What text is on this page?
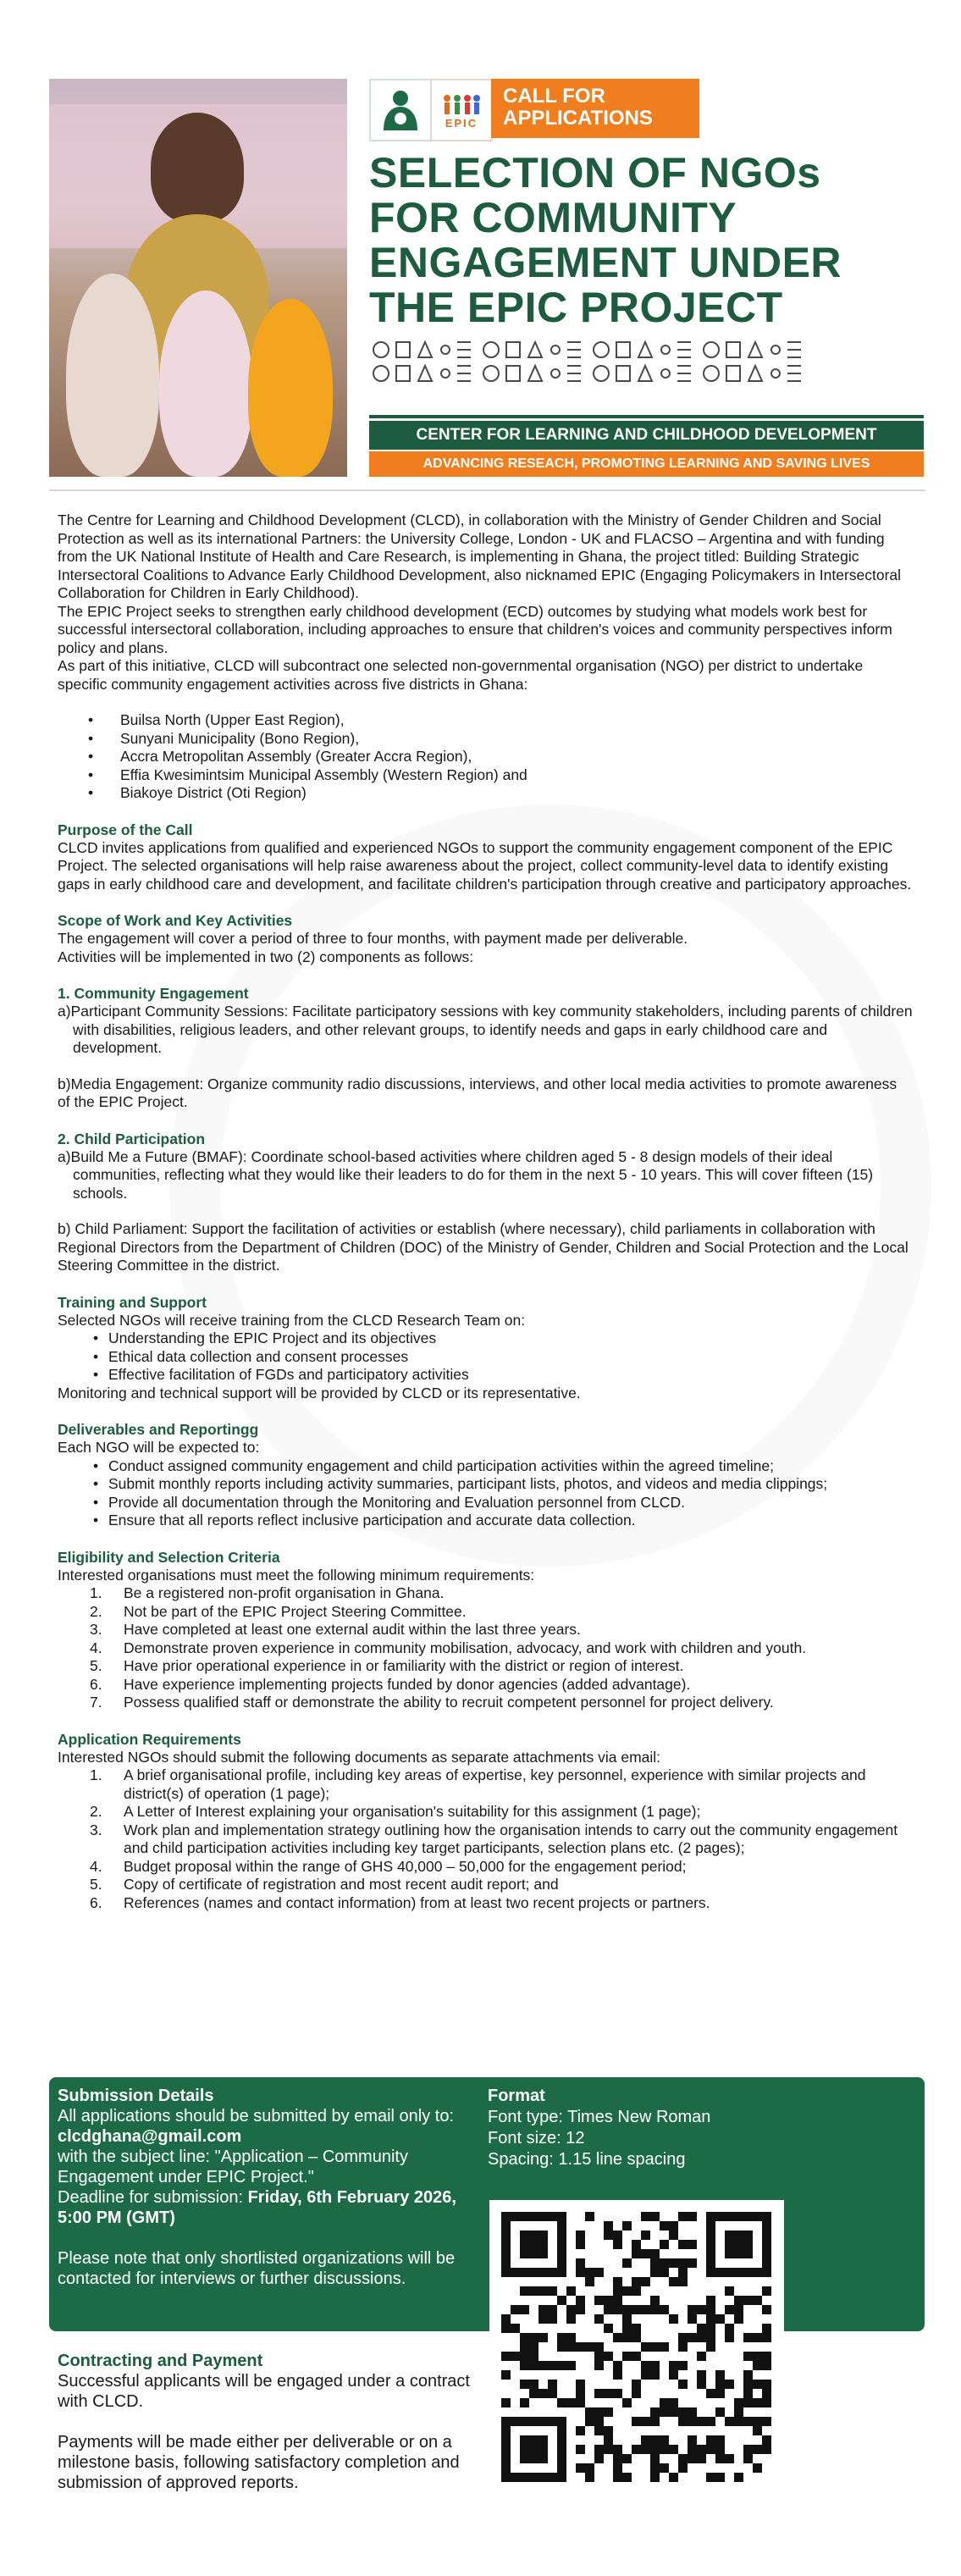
EPIC
CALL FOR
APPLICATIONS
SELECTION OF NGOs
FOR COMMUNITY
ENGAGEMENT UNDER
THE EPIC PROJECT
CENTER FOR LEARNING AND CHILDHOOD DEVELOPMENT
ADVANCING RESEACH, PROMOTING LEARNING AND SAVING LIVES

The Centre for Learning and Childhood Development (CLCD), in collaboration with the Ministry of Gender Children and Social Protection as well as its international Partners: the University College, London - UK and FLACSO – Argentina and with funding from the UK National Institute of Health and Care Research, is implementing in Ghana, the project titled: Building Strategic Intersectoral Coalitions to Advance Early Childhood Development, also nicknamed EPIC (Engaging Policymakers in Intersectoral Collaboration for Children in Early Childhood).

The EPIC Project seeks to strengthen early childhood development (ECD) outcomes by studying what models work best for successful intersectoral collaboration, including approaches to ensure that children's voices and community perspectives inform policy and plans.

As part of this initiative, CLCD will subcontract one selected non-governmental organisation (NGO) per district to undertake specific community engagement activities across five districts in Ghana:

• Builsa North (Upper East Region),
• Sunyani Municipality (Bono Region),
• Accra Metropolitan Assembly (Greater Accra Region),
• Effia Kwesimintsim Municipal Assembly (Western Region) and
• Biakoye District (Oti Region)
Purpose of the Call

CLCD invites applications from qualified and experienced NGOs to support the community engagement component of the EPIC Project. The selected organisations will help raise awareness about the project, collect community-level data to identify existing gaps in early childhood care and development, and facilitate children's participation through creative and participatory approaches.

Scope of Work and Key Activities

The engagement will cover a period of three to four months, with payment made per deliverable.

Activities will be implemented in two (2) components as follows:

1. Community Engagement

a)Participant Community Sessions: Facilitate participatory sessions with key community stakeholders, including parents of children with disabilities, religious leaders, and other relevant groups, to identify needs and gaps in early childhood care and development.

b)Media Engagement: Organize community radio discussions, interviews, and other local media activities to promote awareness of the EPIC Project.

2. Child Participation

a)Build Me a Future (BMAF): Coordinate school-based activities where children aged 5 - 8 design models of their ideal communities, reflecting what they would like their leaders to do for them in the next 5 - 10 years. This will cover fifteen (15) schools.

b) Child Parliament: Support the facilitation of activities or establish (where necessary), child parliaments in collaboration with Regional Directors from the Department of Children (DOC) of the Ministry of Gender, Children and Social Protection and the Local Steering Committee in the district.

Training and Support

Selected NGOs will receive training from the CLCD Research Team on:

• Understanding the EPIC Project and its objectives
• Ethical data collection and consent processes
• Effective facilitation of FGDs and participatory activities

Monitoring and technical support will be provided by CLCD or its representative.

Deliverables and Reportingg

Each NGO will be expected to:

• Conduct assigned community engagement and child participation activities within the agreed timeline;
• Submit monthly reports including activity summaries, participant lists, photos, and videos and media clippings;
• Provide all documentation through the Monitoring and Evaluation personnel from CLCD.
• Ensure that all reports reflect inclusive participation and accurate data collection.
Eligibility and Selection Criteria

Interested organisations must meet the following minimum requirements:

1. Be a registered non-profit organisation in Ghana.
2. Not be part of the EPIC Project Steering Committee.
3. Have completed at least one external audit within the last three years.
4. Demonstrate proven experience in community mobilisation, advocacy, and work with children and youth.
5. Have prior operational experience in or familiarity with the district or region of interest.
6. Have experience implementing projects funded by donor agencies (added advantage).
7. Possess qualified staff or demonstrate the ability to recruit competent personnel for project delivery.
Application Requirements

Interested NGOs should submit the following documents as separate attachments via email:

1. A brief organisational profile, including key areas of expertise, key personnel, experience with similar projects and district(s) of operation (1 page);
2. A Letter of Interest explaining your organisation's suitability for this assignment (1 page);
3. Work plan and implementation strategy outlining how the organisation intends to carry out the community engagement and child participation activities including key target participants, selection plans etc. (2 pages);
4. Budget proposal within the range of GHS 40,000 – 50,000 for the engagement period;
5. Copy of certificate of registration and most recent audit report; and
6. References (names and contact information) from at least two recent projects or partners.
Submission Details

All applications should be submitted by email only to: clcdghana@gmail.com

with the subject line: "Application – Community Engagement under EPIC Project."

Deadline for submission: Friday, 6th February 2026, 5:00 PM (GMT)

Please note that only shortlisted organizations will be contacted for interviews or further discussions.

Format
Font type: Times New Roman
Font size: 12
Spacing: 1.15 line spacing
Contracting and Payment

Successful applicants will be engaged under a contract with CLCD.

Payments will be made either per deliverable or on a milestone basis, following satisfactory completion and submission of approved reports.
